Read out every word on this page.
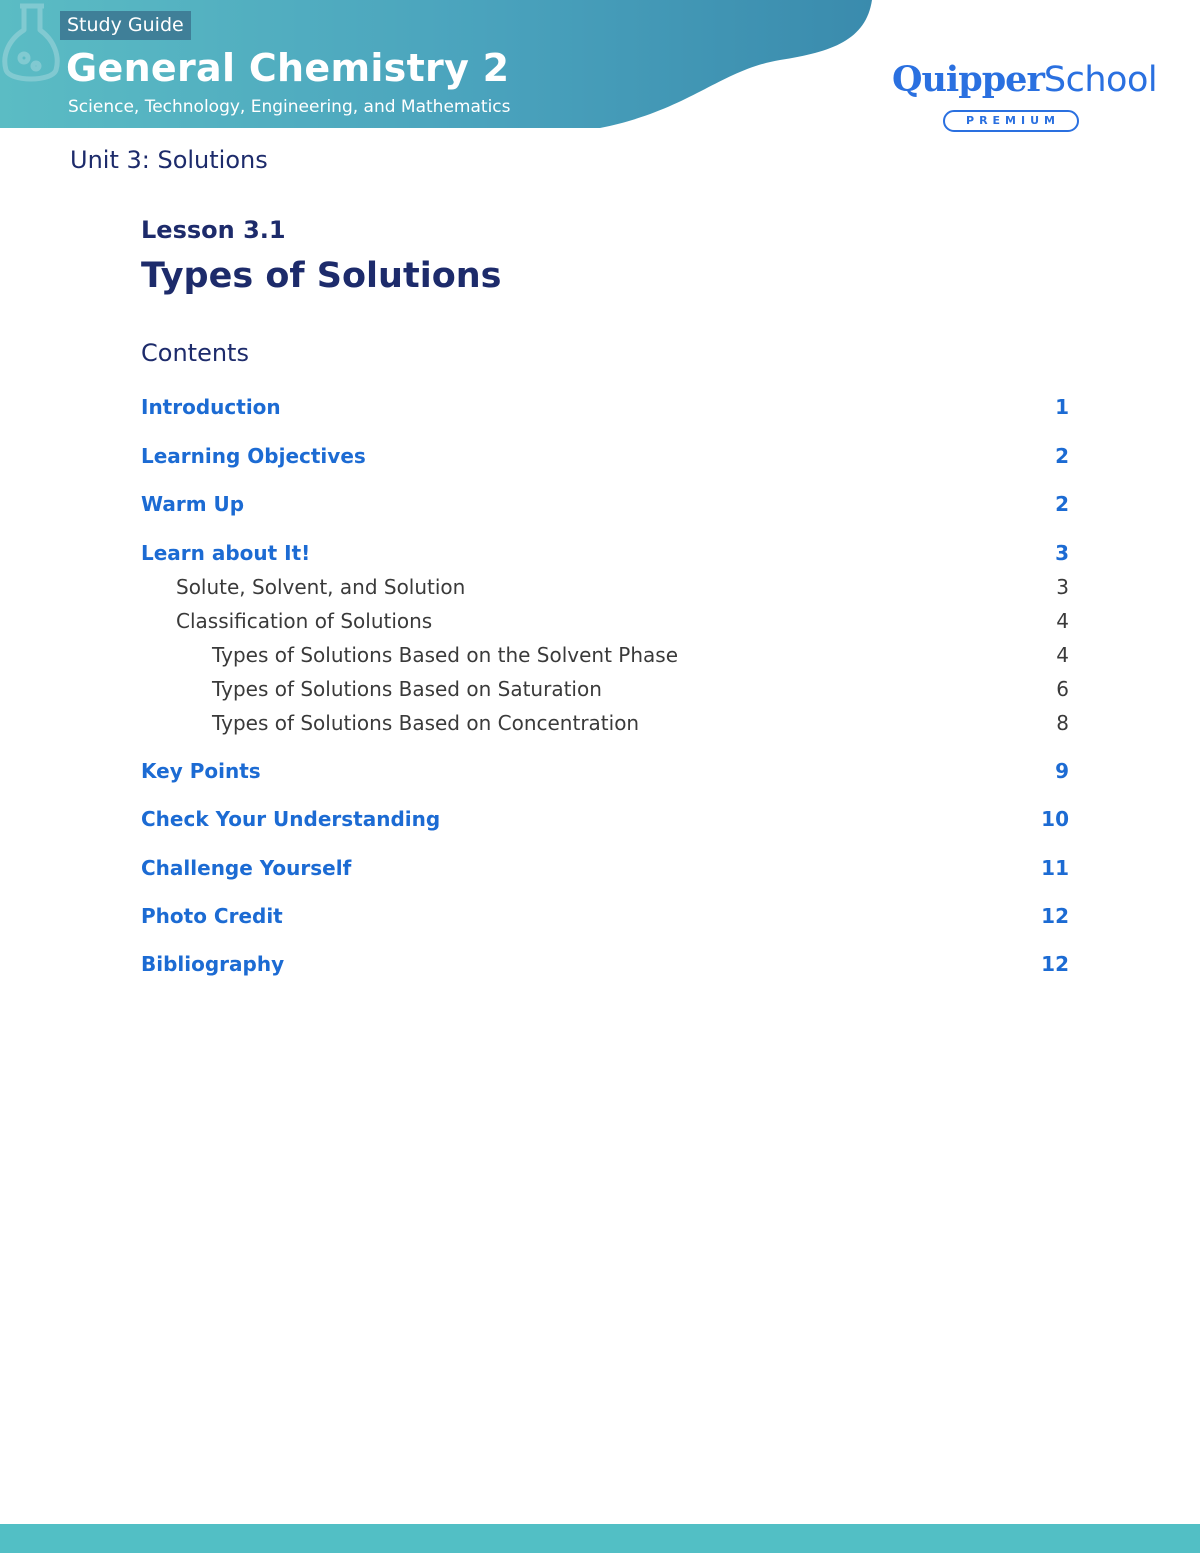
Study Guide
General Chemistry 2
Science, Technology, Engineering, and Mathematics
QuipperSchool
PREMIUM
Unit 3: Solutions
Lesson 3.1
Types of Solutions
Contents
Introduction	1
Learning Objectives	2
Warm Up	2
Learn about It!	3
Solute, Solvent, and Solution	3
Classification of Solutions	4
Types of Solutions Based on the Solvent Phase	4
Types of Solutions Based on Saturation	6
Types of Solutions Based on Concentration	8
Key Points	9
Check Your Understanding	10
Challenge Yourself	11
Photo Credit	12
Bibliography	12
